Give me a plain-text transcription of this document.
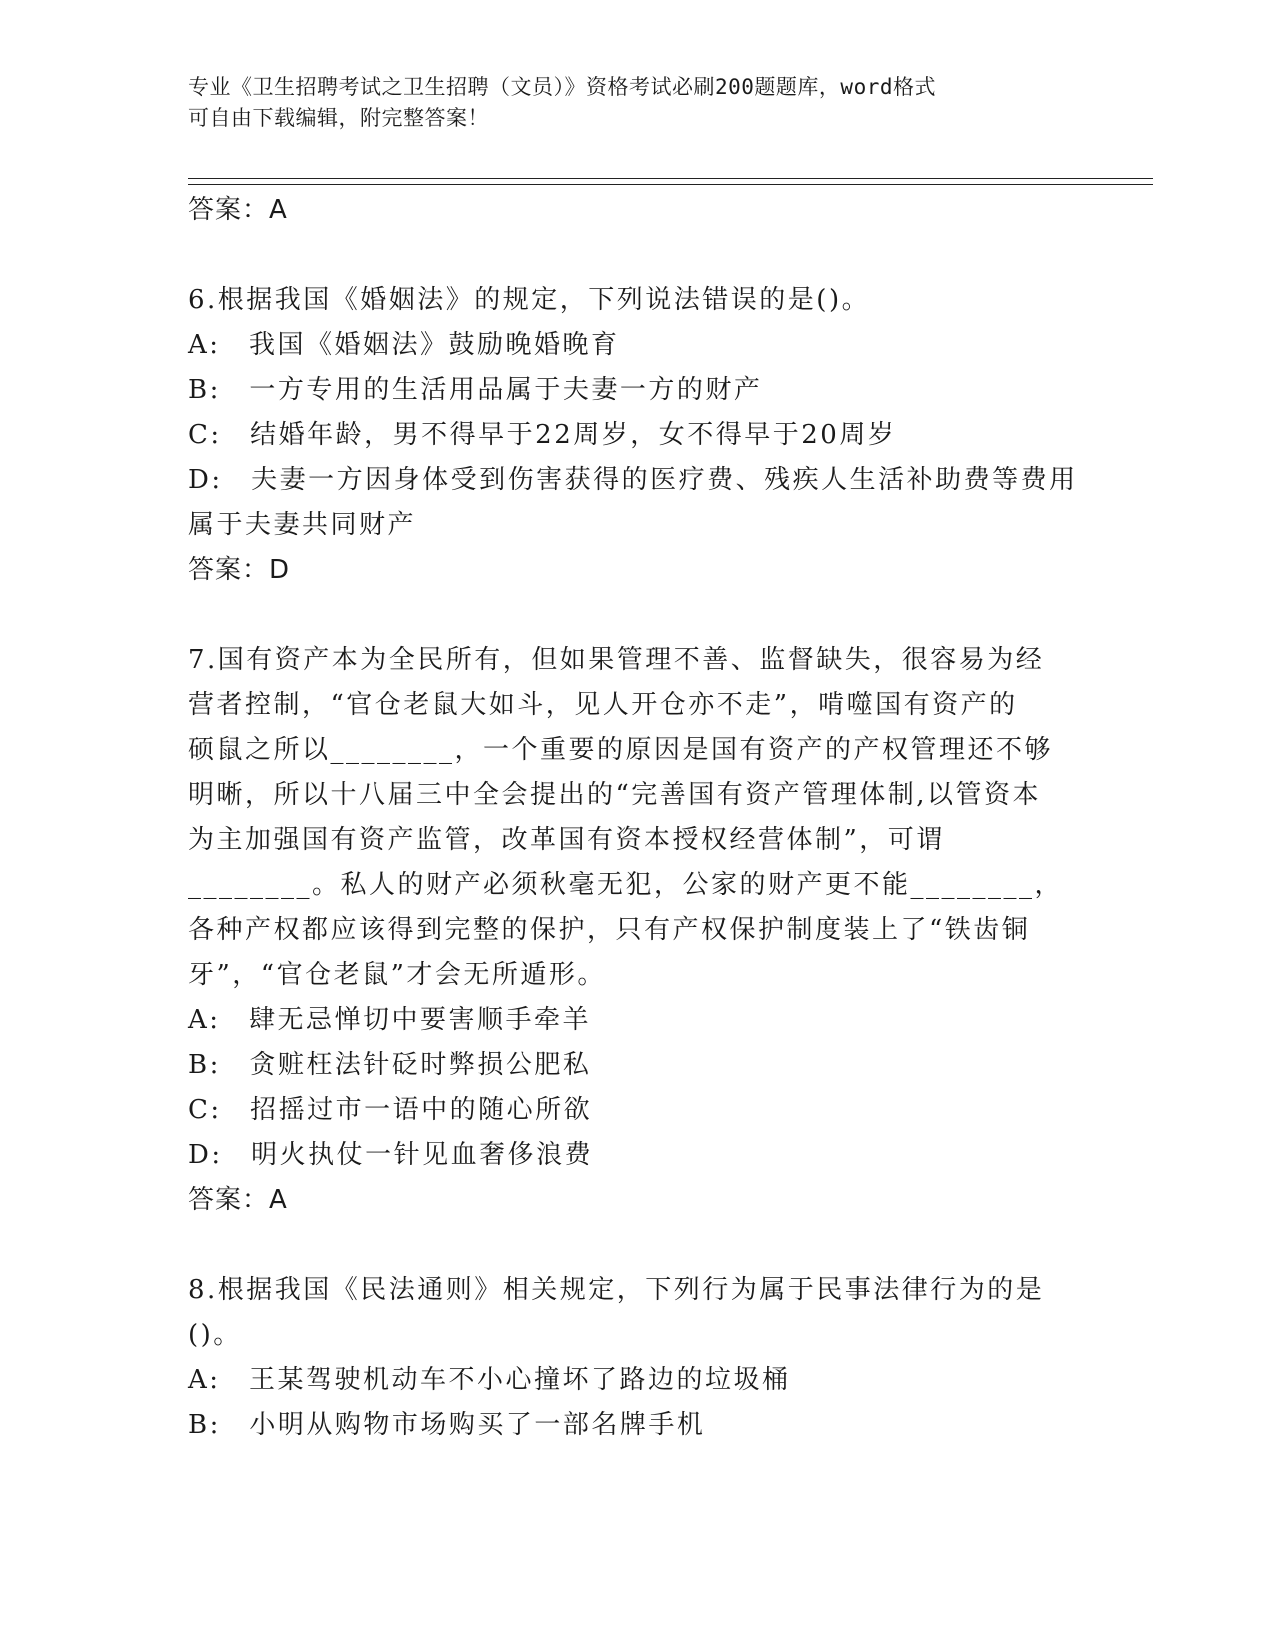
专业《卫生招聘考试之卫生招聘（文员）》资格考试必刷200题题库，word格式
可自由下载编辑，附完整答案！
答案：A
6.根据我国《婚姻法》的规定，下列说法错误的是()。
A:　我国《婚姻法》鼓励晚婚晚育
B:　一方专用的生活用品属于夫妻一方的财产
C:　结婚年龄，男不得早于22周岁，女不得早于20周岁
D:　夫妻一方因身体受到伤害获得的医疗费、残疾人生活补助费等费用
属于夫妻共同财产
答案：D
7.国有资产本为全民所有，但如果管理不善、监督缺失，很容易为经
营者控制，“官仓老鼠大如斗，见人开仓亦不走”，啃噬国有资产的
硕鼠之所以________，一个重要的原因是国有资产的产权管理还不够
明晰，所以十八届三中全会提出的“完善国有资产管理体制,以管资本
为主加强国有资产监管，改革国有资本授权经营体制”，可谓
________。私人的财产必须秋毫无犯，公家的财产更不能________，
各种产权都应该得到完整的保护，只有产权保护制度装上了“铁齿铜
牙”，“官仓老鼠”才会无所遁形。
A:　肆无忌惮切中要害顺手牵羊
B:　贪赃枉法针砭时弊损公肥私
C:　招摇过市一语中的随心所欲
D:　明火执仗一针见血奢侈浪费
答案：A
8.根据我国《民法通则》相关规定，下列行为属于民事法律行为的是
()。
A:　王某驾驶机动车不小心撞坏了路边的垃圾桶
B:　小明从购物市场购买了一部名牌手机
